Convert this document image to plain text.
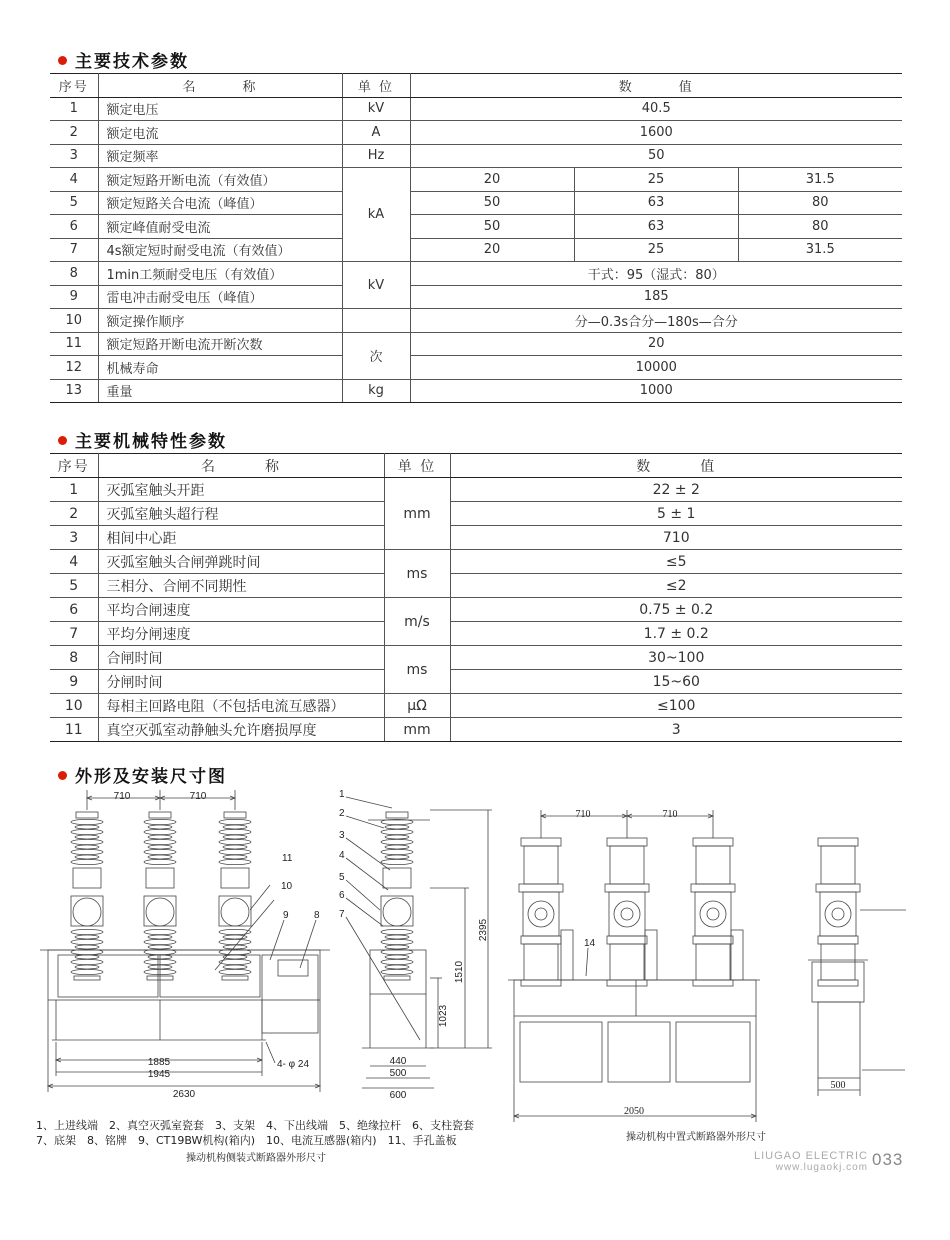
主要技术参数
序号	名　　　称	单 位	数　　　值		
1	额定电压	kV	40.5		
2	额定电流	A	1600		
3	额定频率	Hz	50		
4	额定短路开断电流（有效值）	kA	20	25	31.5
5	额定短路关合电流（峰值）		50	63	80
6	额定峰值耐受电流		50	63	80
7	4s额定短时耐受电流（有效值）		20	25	31.5
8	1min工频耐受电压（有效值）	kV	干式：95（湿式：80）		
9	雷电冲击耐受电压（峰值）		185		
10	额定操作顺序		分—0.3s合分—180s—合分		
11	额定短路开断电流开断次数	次	20		
12	机械寿命		10000		
13	重量	kg	1000		
主要机械特性参数
序号	名　　　称	单 位	数　　　值
1	灭弧室触头开距	mm	22 ± 2
2	灭弧室触头超行程		5 ± 1
3	相间中心距		710
4	灭弧室触头合闸弹跳时间	ms	≤5
5	三相分、合闸不同期性		≤2
6	平均合闸速度	m/s	0.75 ± 0.2
7	平均分闸速度		1.7 ± 0.2
8	合闸时间	ms	30~100
9	分闸时间		15~60
10	每相主回路电阻（不包括电流互感器）	μΩ	≤100
11	真空灭弧室动静触头允许磨损厚度	mm	3
外形及安装尺寸图
710	710
1885
1945
2630
4- φ 24
11
10
9	8
1
2
3
4
5
6
7
440
500
600
1023
1510
2395
710	710
2050
14
500
1、上进线端　2、真空灭弧室瓷套　3、支架　4、下出线端　5、绝缘拉杆　6、支柱瓷套
7、底架　8、铭牌　9、CT19BW机构(箱内)　10、电流互感器(箱内)　11、手孔盖板
操动机构侧装式断路器外形尺寸
操动机构中置式断路器外形尺寸
LIUGAO ELECTRIC
www.lugaokj.com 033
